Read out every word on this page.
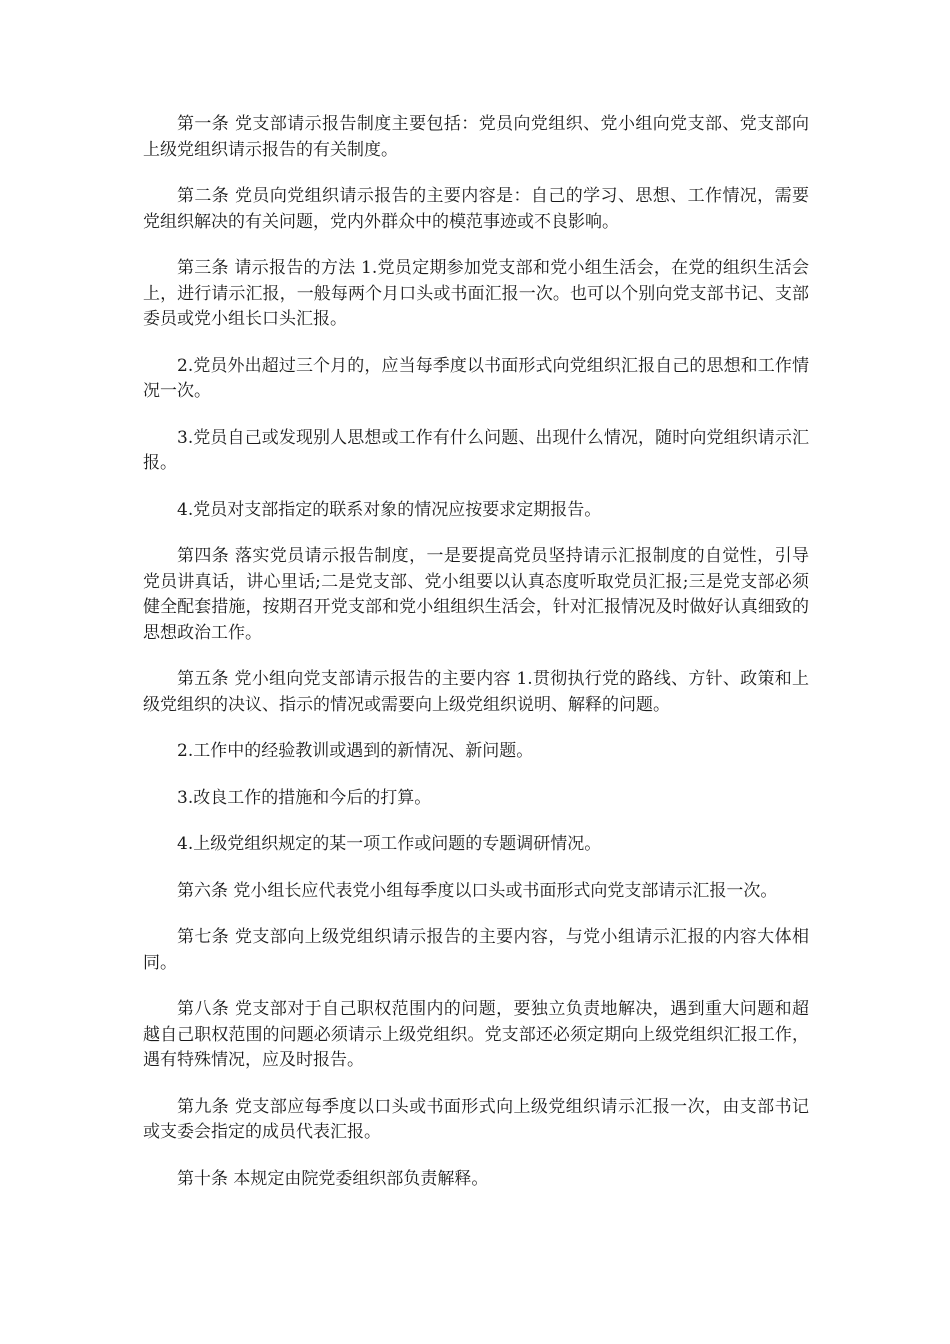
第一条 党支部请示报告制度主要包括：党员向党组织、党小组向党支部、党支部向上级党组织请示报告的有关制度。

第二条 党员向党组织请示报告的主要内容是：自己的学习、思想、工作情况，需要党组织解决的有关问题，党内外群众中的模范事迹或不良影响。

第三条 请示报告的方法 1.党员定期参加党支部和党小组生活会，在党的组织生活会上，进行请示汇报，一般每两个月口头或书面汇报一次。也可以个别向党支部书记、支部委员或党小组长口头汇报。

2.党员外出超过三个月的，应当每季度以书面形式向党组织汇报自己的思想和工作情况一次。

3.党员自己或发现别人思想或工作有什么问题、出现什么情况，随时向党组织请示汇报。

4.党员对支部指定的联系对象的情况应按要求定期报告。

第四条 落实党员请示报告制度，一是要提高党员坚持请示汇报制度的自觉性，引导党员讲真话，讲心里话;二是党支部、党小组要以认真态度听取党员汇报;三是党支部必须健全配套措施，按期召开党支部和党小组组织生活会，针对汇报情况及时做好认真细致的思想政治工作。

第五条 党小组向党支部请示报告的主要内容 1.贯彻执行党的路线、方针、政策和上级党组织的决议、指示的情况或需要向上级党组织说明、解释的问题。

2.工作中的经验教训或遇到的新情况、新问题。

3.改良工作的措施和今后的打算。

4.上级党组织规定的某一项工作或问题的专题调研情况。

第六条 党小组长应代表党小组每季度以口头或书面形式向党支部请示汇报一次。

第七条 党支部向上级党组织请示报告的主要内容，与党小组请示汇报的内容大体相同。

第八条 党支部对于自己职权范围内的问题，要独立负责地解决，遇到重大问题和超越自己职权范围的问题必须请示上级党组织。党支部还必须定期向上级党组织汇报工作，遇有特殊情况，应及时报告。

第九条 党支部应每季度以口头或书面形式向上级党组织请示汇报一次，由支部书记或支委会指定的成员代表汇报。

第十条 本规定由院党委组织部负责解释。
